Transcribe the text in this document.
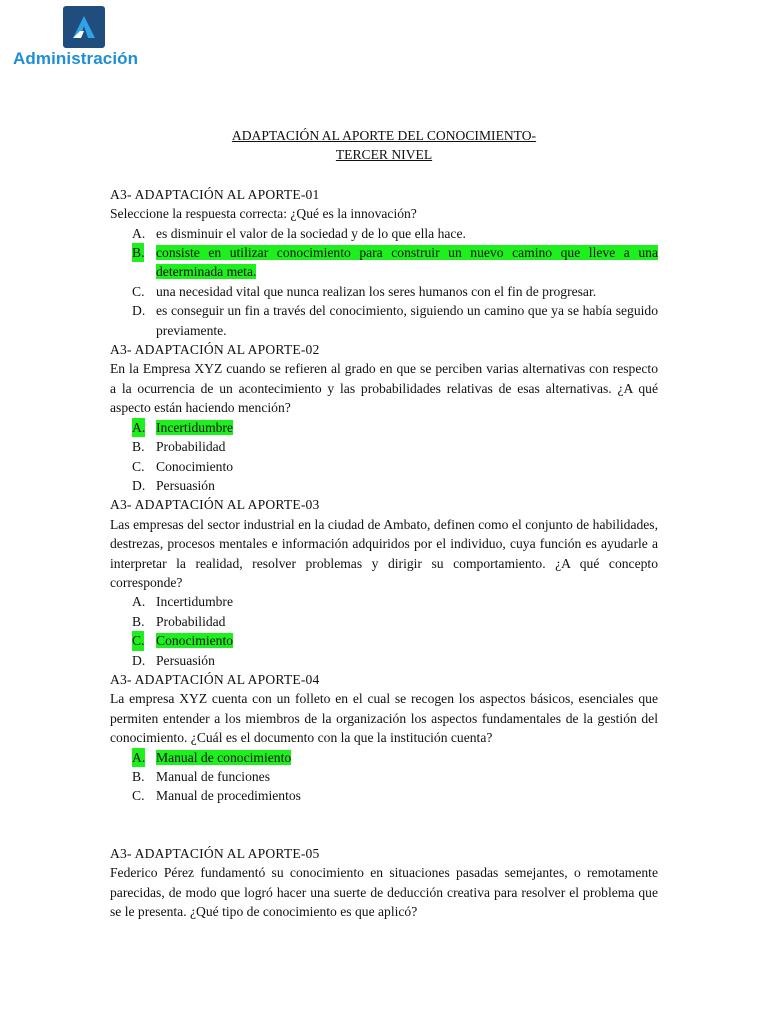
Administración

ADAPTACIÓN AL APORTE DEL CONOCIMIENTO-

TERCER NIVEL

A3- ADAPTACIÓN AL APORTE-01

Seleccione la respuesta correcta: ¿Qué es la innovación?

A. es disminuir el valor de la sociedad y de lo que ella hace.
B. consiste en utilizar conocimiento para construir un nuevo camino que lleve a una determinada meta.
C. una necesidad vital que nunca realizan los seres humanos con el fin de progresar.
D. es conseguir un fin a través del conocimiento, siguiendo un camino que ya se había seguido previamente.

A3- ADAPTACIÓN AL APORTE-02

En la Empresa XYZ cuando se refieren al grado en que se perciben varias alternativas con respecto a la ocurrencia de un acontecimiento y las probabilidades relativas de esas alternativas. ¿A qué aspecto están haciendo mención?

A. Incertidumbre
B. Probabilidad
C. Conocimiento
D. Persuasión

A3- ADAPTACIÓN AL APORTE-03

Las empresas del sector industrial en la ciudad de Ambato, definen como el conjunto de habilidades, destrezas, procesos mentales e información adquiridos por el individuo, cuya función es ayudarle a interpretar la realidad, resolver problemas y dirigir su comportamiento. ¿A qué concepto corresponde?

A. Incertidumbre
B. Probabilidad
C. Conocimiento
D. Persuasión

A3- ADAPTACIÓN AL APORTE-04

La empresa XYZ cuenta con un folleto en el cual se recogen los aspectos básicos, esenciales que permiten entender a los miembros de la organización los aspectos fundamentales de la gestión del conocimiento. ¿Cuál es el documento con la que la institución cuenta?

A. Manual de conocimiento
B. Manual de funciones
C. Manual de procedimientos

A3- ADAPTACIÓN AL APORTE-05

Federico Pérez fundamentó su conocimiento en situaciones pasadas semejantes, o remotamente parecidas, de modo que logró hacer una suerte de deducción creativa para resolver el problema que se le presenta. ¿Qué tipo de conocimiento es que aplicó?
